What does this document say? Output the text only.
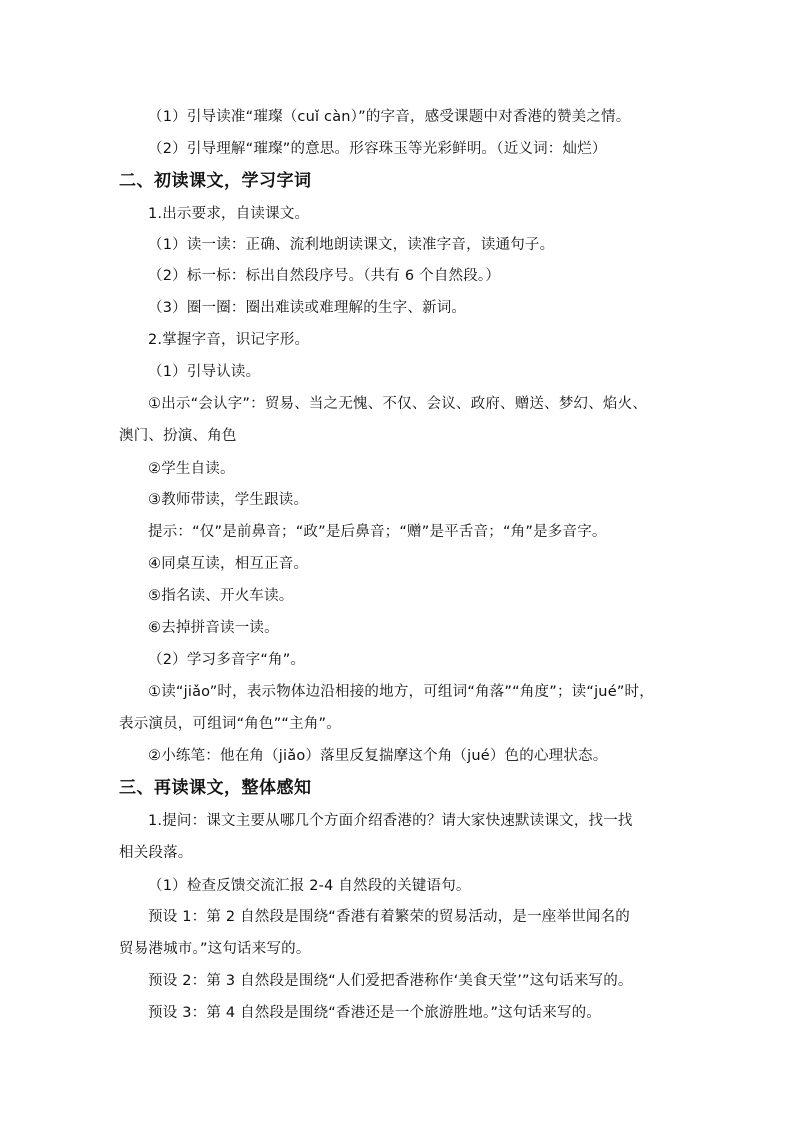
（1）引导读准“璀璨（cuǐ càn）”的字音，感受课题中对香港的赞美之情。
（2）引导理解“璀璨”的意思。形容珠玉等光彩鲜明。（近义词：灿烂）
二、初读课文，学习字词
1.出示要求，自读课文。
（1）读一读：正确、流利地朗读课文，读准字音，读通句子。
（2）标一标：标出自然段序号。（共有 6 个自然段。）
（3）圈一圈：圈出难读或难理解的生字、新词。
2.掌握字音，识记字形。
（1）引导认读。
①出示“会认字”：贸易、当之无愧、不仅、会议、政府、赠送、梦幻、焰火、
澳门、扮演、角色
②学生自读。
③教师带读，学生跟读。
提示：“仅”是前鼻音；“政”是后鼻音；“赠”是平舌音；“角”是多音字。
④同桌互读，相互正音。
⑤指名读、开火车读。
⑥去掉拼音读一读。
（2）学习多音字“角”。
①读“jiǎo”时，表示物体边沿相接的地方，可组词“角落”“角度”；读“jué”时，
表示演员，可组词“角色”“主角”。
②小练笔：他在角（jiǎo）落里反复揣摩这个角（jué）色的心理状态。
三、再读课文，整体感知
1.提问：课文主要从哪几个方面介绍香港的？请大家快速默读课文，找一找
相关段落。
（1）检查反馈交流汇报 2-4 自然段的关键语句。
预设 1：第 2 自然段是围绕“香港有着繁荣的贸易活动，是一座举世闻名的
贸易港城市。”这句话来写的。
预设 2：第 3 自然段是围绕“人们爱把香港称作‘美食天堂’”这句话来写的。
预设 3：第 4 自然段是围绕“香港还是一个旅游胜地。”这句话来写的。
